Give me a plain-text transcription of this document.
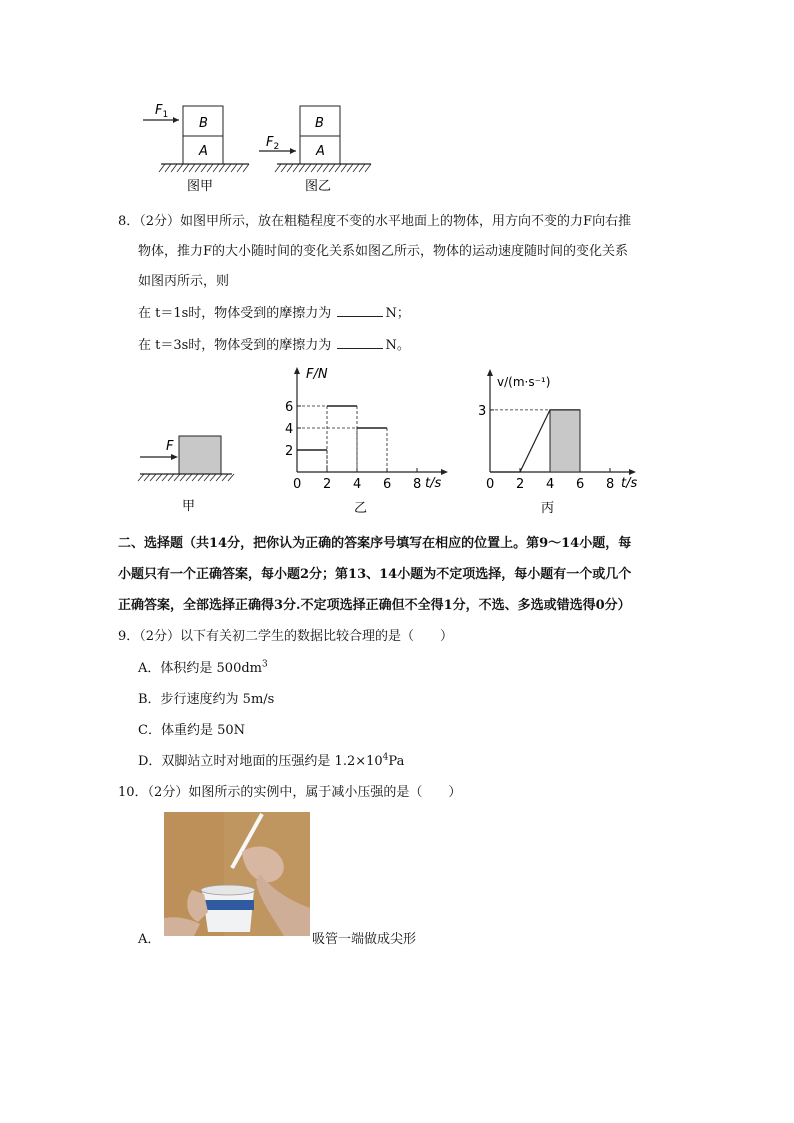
$F_1$
B
A
B
A
$F_2$
图甲	图乙
8．（2分）如图甲所示，放在粗糙程度不变的水平地面上的物体，用方向不变的力F向右推
物体，推力F的大小随时间的变化关系如图乙所示，物体的运动速度随时间的变化关系
如图丙所示，则
在 t＝1s时，物体受到的摩擦力为	N；
在 t＝3s时，物体受到的摩擦力为	N。
F
甲
F/N
t/s
0 2 4 6 8
2
4
6
乙
v/(m·s⁻¹)
t/s
0 2 4 6 8
3
丙
二、选择题（共14分，把你认为正确的答案序号填写在相应的位置上。第9～14小题，每
小题只有一个正确答案，每小题2分；第13、14小题为不定项选择，每小题有一个或几个
正确答案，全部选择正确得3分.不定项选择正确但不全得1分，不选、多选或错选得0分）
9．（2分）以下有关初二学生的数据比较合理的是（　　）
A．体积约是 $500dm^3$
B．步行速度约为 5m/s
C．体重约是 50N
D．双脚站立时对地面的压强约是 $1.2\times 10^4Pa$
10．（2分）如图所示的实例中，属于减小压强的是（　　）
A．	吸管一端做成尖形
